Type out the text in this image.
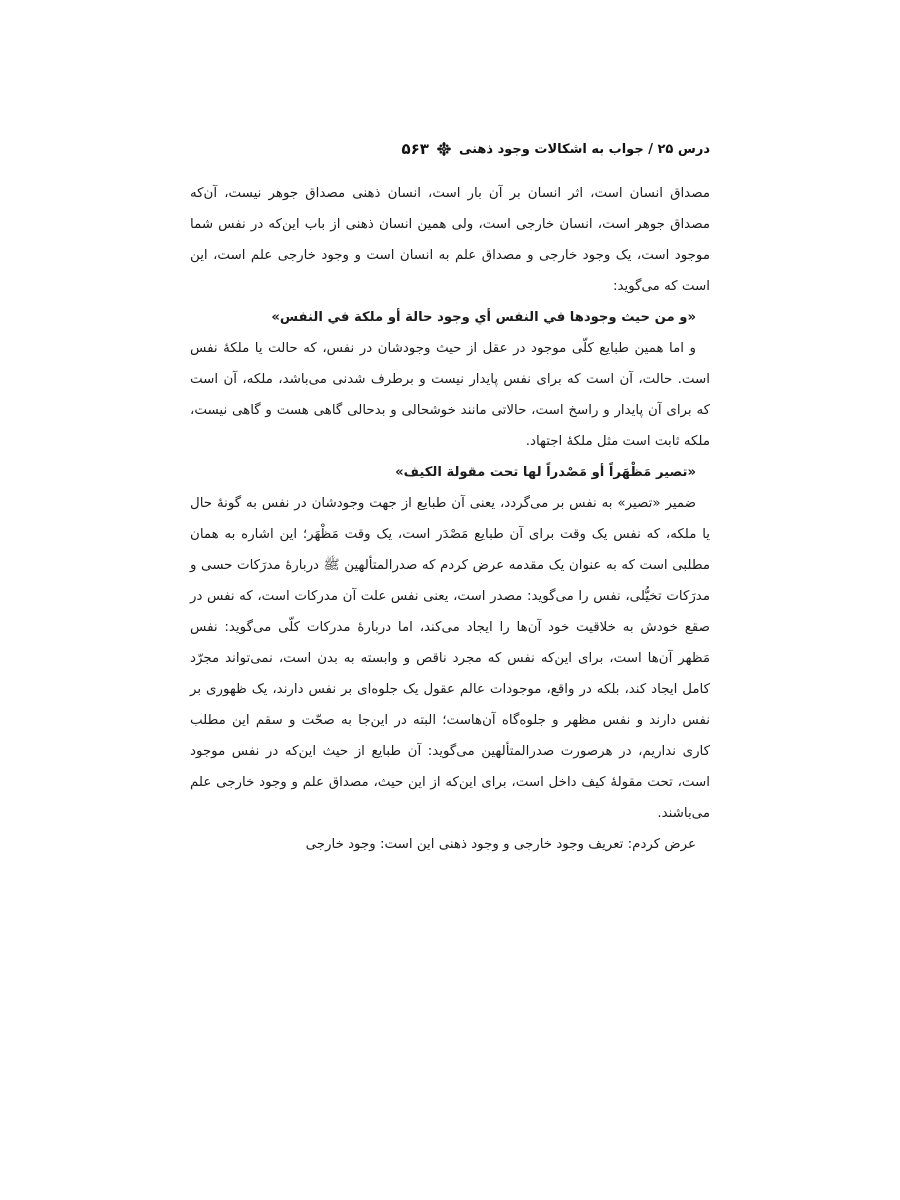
درس ۲۵ / جواب به اشکالات وجود ذهنی
۵۶۳

مصداق انسان است، اثر انسان بر آن بار است، انسان ذهنی مصداق جوهر نیست، آن‌که مصداق جوهر است، انسان خارجی است، ولی همین انسان ذهنی از باب این‌که در نفس شما موجود است، یک وجود خارجی و مصداق علم به انسان است و وجود خارجی علم است، این است که می‌گوید:

«و من حیث وجودها في النفس أي وجود حالة أو ملكة في النفس»

و اما همین طبایع کلّی موجود در عقل از حیث وجودشان در نفس، که حالت یا ملکهٔ نفس است. حالت، آن است که برای نفس پایدار نیست و برطرف شدنی می‌باشد، ملکه، آن است که برای آن پایدار و راسخ است، حالاتی مانند خوشحالی و بدحالی گاهی هست و گاهی نیست، ملکه ثابت است مثل ملکهٔ اجتهاد.

«تصیر مَظْهَراً أو مَصْدراً لها تحت مقولة الکیف»

ضمیر «تصیر» به نفس بر می‌گردد، یعنی آن طبایع از جهت وجودشان در نفس به گونهٔ حال یا ملکه، که نفس یک وقت برای آن طبایع مَصْدَر است، یک وقت مَظْهَر؛ این اشاره به همان مطلبی است که به عنوان یک مقدمه عرض کردم که صدرالمتألهین ﷺ دربارهٔ مدرَکات حسی و مدرَکات تخیُّلی، نفس را می‌گوید: مصدر است، یعنی نفس علت آن مدرکات است، که نفس در صقع خودش به خلاقیت خود آن‌ها را ایجاد می‌کند، اما دربارهٔ مدرکات کلّی می‌گوید: نفس مَظهر آن‌ها است، برای این‌که نفس که مجرد ناقص و وابسته به بدن است، نمی‌تواند مجرّد کامل ایجاد کند، بلکه در واقع، موجودات عالم عقول یک جلوه‌ای بر نفس دارند، یک ظهوری بر نفس دارند و نفس مظهر و جلوه‌گاه آن‌هاست؛ البته در این‌جا به صحّت و سقم این مطلب کاری نداریم، در هرصورت صدرالمتألهین می‌گوید: آن طبایع از حیث این‌که در نفس موجود است، تحت مقولهٔ کیف داخل است، برای این‌که از این حیث، مصداق علم و وجود خارجی علم می‌باشند.

عرض کردم: تعریف وجود خارجی و وجود ذهنی این است: وجود خارجی
